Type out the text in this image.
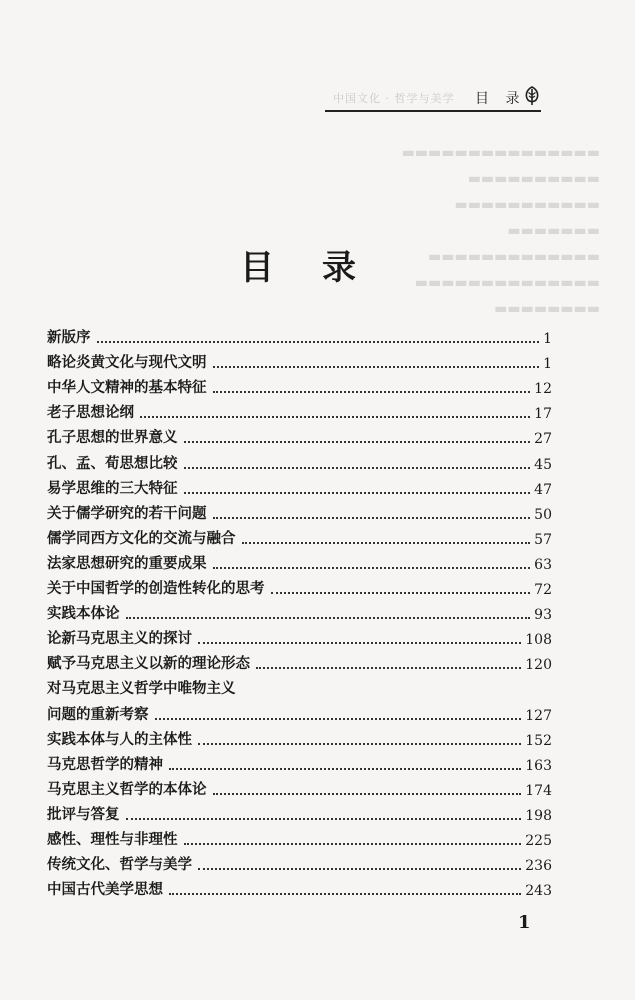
中国文化 · 哲学与美学 目 录
▬▬▬▬▬▬▬▬▬▬▬▬▬▬▬
▬▬▬▬▬▬▬▬▬▬
▬▬▬▬▬▬▬▬▬▬▬
▬▬▬▬▬▬▬
▬▬▬▬▬▬▬▬▬▬▬▬▬
▬▬▬▬▬▬▬▬▬▬▬▬▬▬
▬▬▬▬▬▬▬▬
目录
新版序	1
略论炎黄文化与现代文明	1
中华人文精神的基本特征	12
老子思想论纲	17
孔子思想的世界意义	27
孔、孟、荀思想比较	45
易学思维的三大特征	47
关于儒学研究的若干问题	50
儒学同西方文化的交流与融合	57
法家思想研究的重要成果	63
关于中国哲学的创造性转化的思考	72
实践本体论	93
论新马克思主义的探讨	108
赋予马克思主义以新的理论形态	120
对马克思主义哲学中唯物主义
问题的重新考察	127
实践本体与人的主体性	152
马克思哲学的精神	163
马克思主义哲学的本体论	174
批评与答复	198
感性、理性与非理性	225
传统文化、哲学与美学	236
中国古代美学思想	243
1
